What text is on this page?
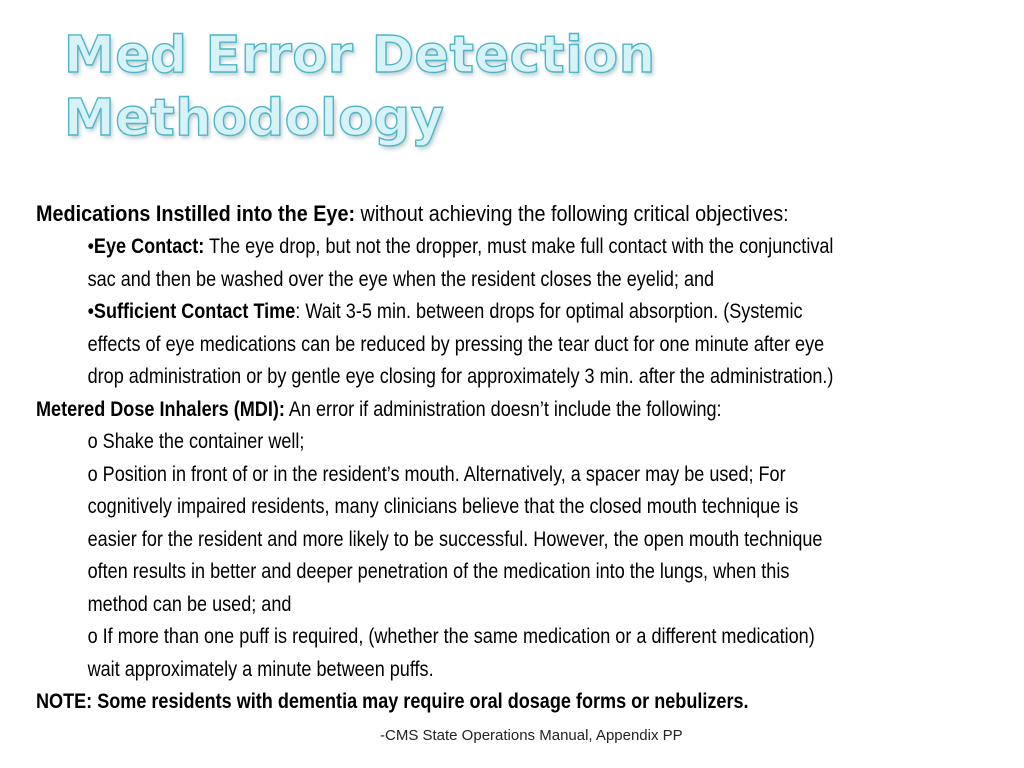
Med Error Detection
Methodology
Medications Instilled into the Eye: without achieving the following critical objectives:
•Eye Contact: The eye drop, but not the dropper, must make full contact with the conjunctival
sac and then be washed over the eye when the resident closes the eyelid; and
•Sufficient Contact Time: Wait 3-5 min. between drops for optimal absorption. (Systemic
effects of eye medications can be reduced by pressing the tear duct for one minute after eye
drop administration or by gentle eye closing for approximately 3 min. after the administration.)
Metered Dose Inhalers (MDI): An error if administration doesn’t include the following:
o Shake the container well;
o Position in front of or in the resident’s mouth. Alternatively, a spacer may be used; For
cognitively impaired residents, many clinicians believe that the closed mouth technique is
easier for the resident and more likely to be successful. However, the open mouth technique
often results in better and deeper penetration of the medication into the lungs, when this
method can be used; and
o If more than one puff is required, (whether the same medication or a different medication)
wait approximately a minute between puffs.
NOTE: Some residents with dementia may require oral dosage forms or nebulizers.
-CMS State Operations Manual, Appendix PP
